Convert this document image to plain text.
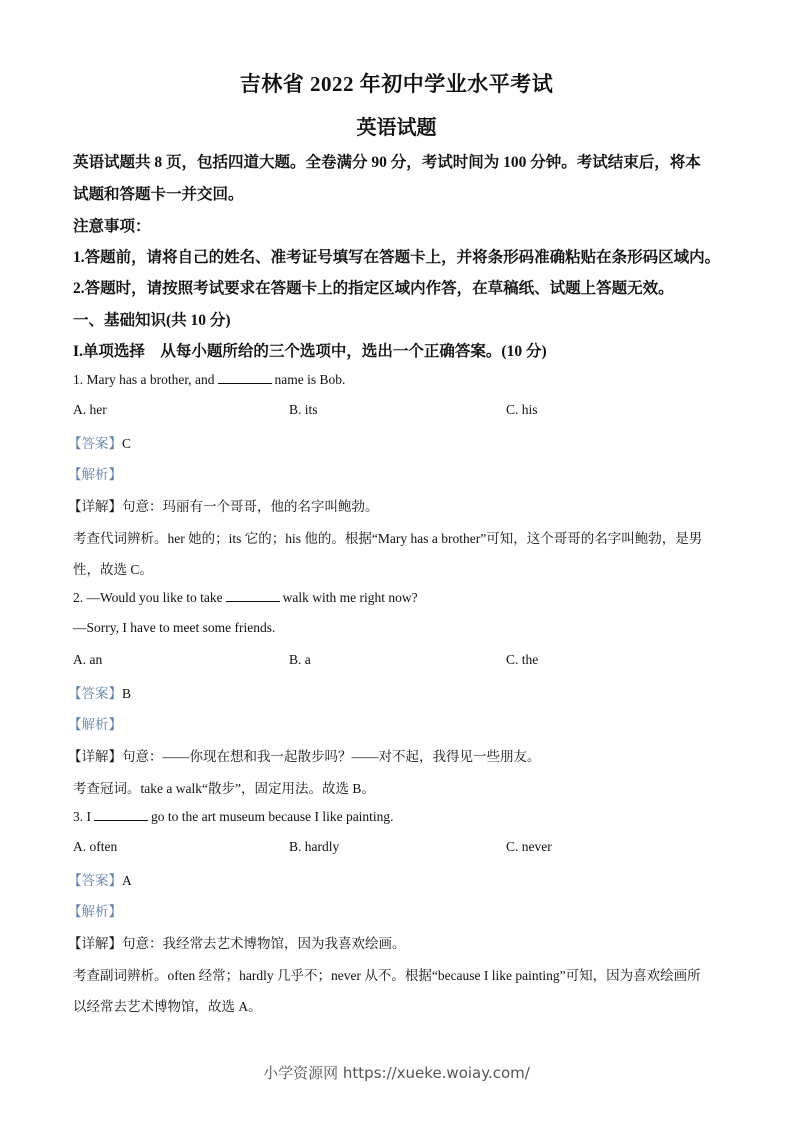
吉林省 2022 年初中学业水平考试
英语试题
英语试题共 8 页，包括四道大题。全卷满分 90 分，考试时间为 100 分钟。考试结束后，将本
试题和答题卡一并交回。
注意事项：
1.答题前，请将自己的姓名、准考证号填写在答题卡上，并将条形码准确粘贴在条形码区域内。
2.答题时，请按照考试要求在答题卡上的指定区域内作答，在草稿纸、试题上答题无效。
一、基础知识(共 10 分)
I.单项选择　从每小题所给的三个选项中，选出一个正确答案。(10 分)
1. Mary has a brother, and	name is Bob.
A. her	B. its	C. his
【答案】C
【解析】
【详解】句意：玛丽有一个哥哥，他的名字叫鲍勃。
考查代词辨析。her 她的；its 它的；his 他的。根据“Mary has a brother”可知，这个哥哥的名字叫鲍勃，是男
性，故选 C。
2. —Would you like to take	walk with me right now?
—Sorry, I have to meet some friends.
A. an	B. a	C. the
【答案】B
【解析】
【详解】句意：——你现在想和我一起散步吗？——对不起，我得见一些朋友。
考查冠词。take a walk“散步”，固定用法。故选 B。
3. I	go to the art museum because I like painting.
A. often	B. hardly	C. never
【答案】A
【解析】
【详解】句意：我经常去艺术博物馆，因为我喜欢绘画。
考查副词辨析。often 经常；hardly 几乎不；never 从不。根据“because I like painting”可知，因为喜欢绘画所
以经常去艺术博物馆，故选 A。
小学资源网 https://xueke.woiay.com/
